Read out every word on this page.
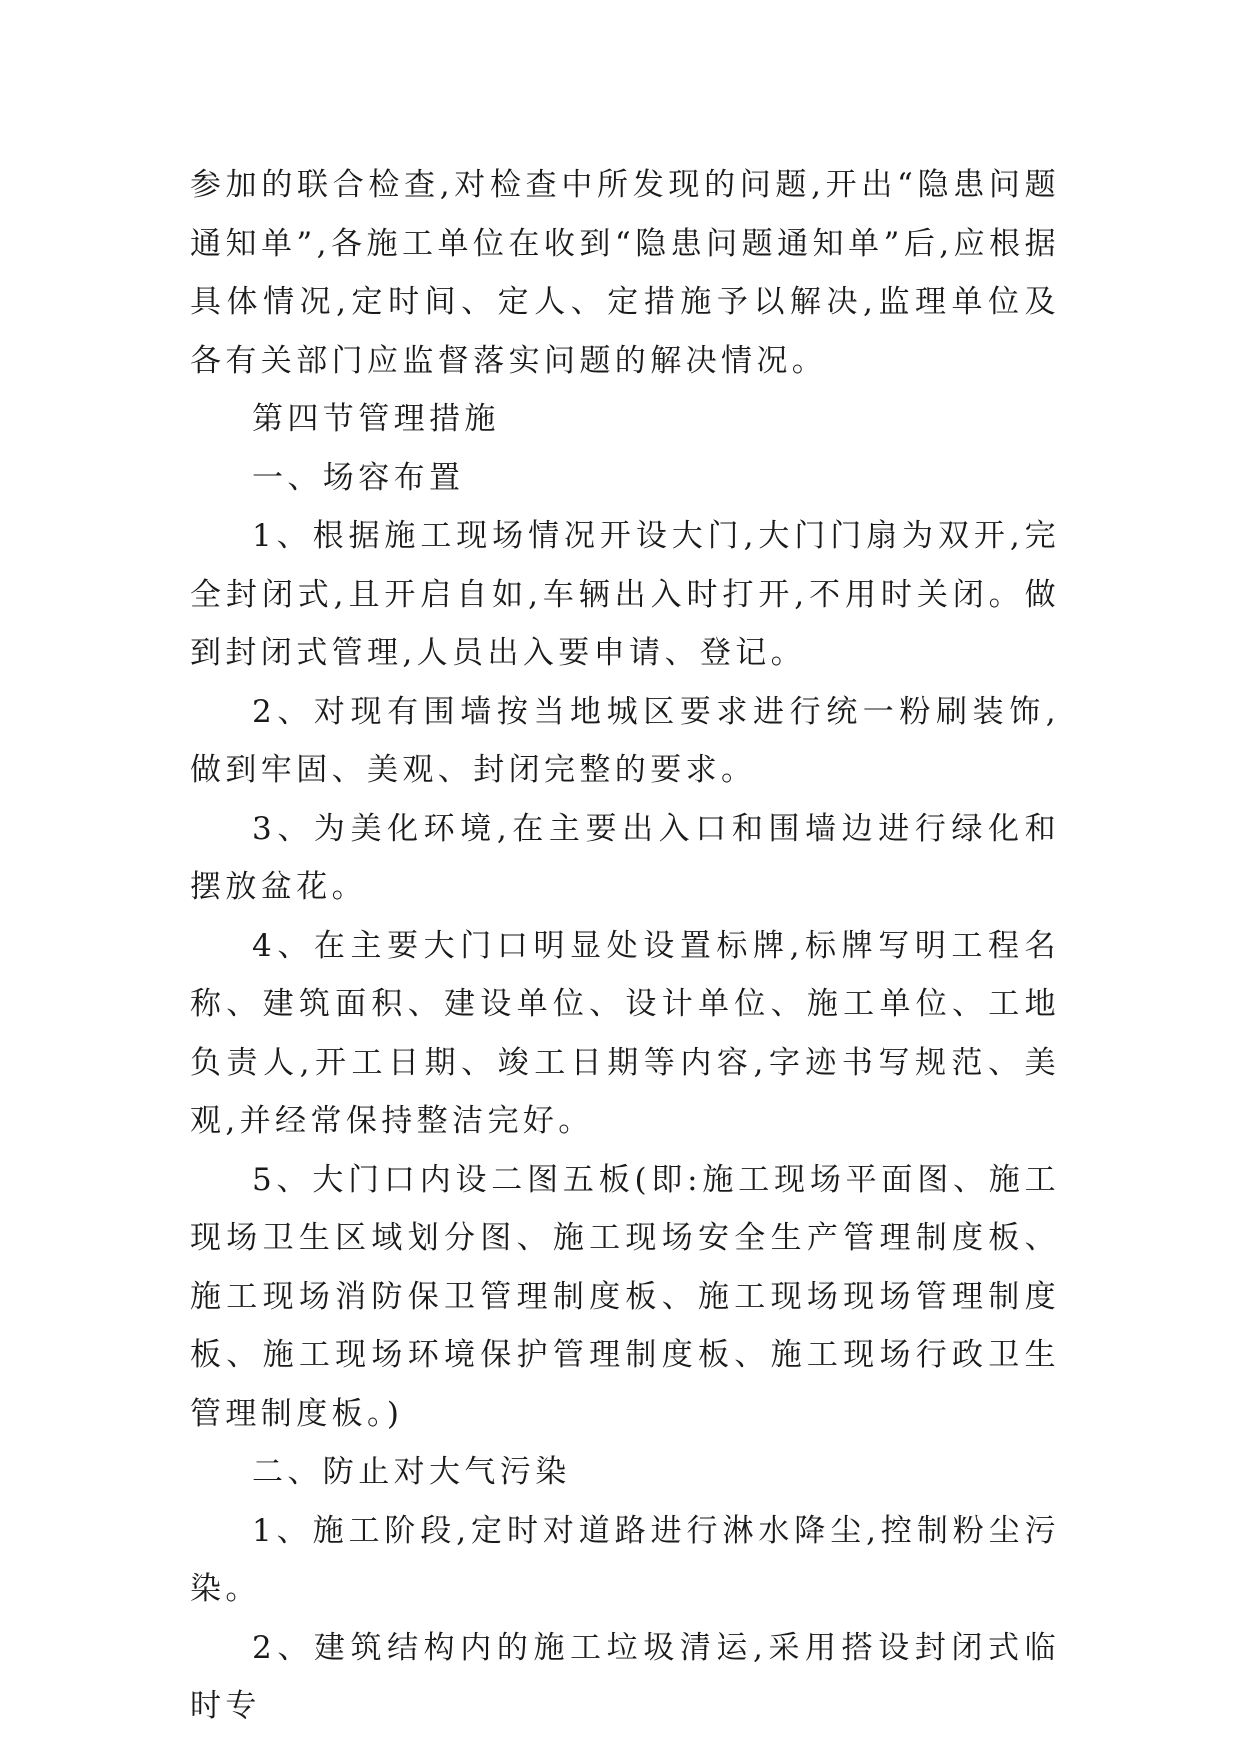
参加的联合检查,对检查中所发现的问题,开出“隐患问题通知单”,各施工单位在收到“隐患问题通知单”后,应根据具体情况,定时间、定人、定措施予以解决,监理单位及各有关部门应监督落实问题的解决情况。

第四节管理措施

一、场容布置

1、根据施工现场情况开设大门,大门门扇为双开,完全封闭式,且开启自如,车辆出入时打开,不用时关闭。做到封闭式管理,人员出入要申请、登记。

2、对现有围墙按当地城区要求进行统一粉刷装饰,做到牢固、美观、封闭完整的要求。

3、为美化环境,在主要出入口和围墙边进行绿化和摆放盆花。

4、在主要大门口明显处设置标牌,标牌写明工程名称、建筑面积、建设单位、设计单位、施工单位、工地负责人,开工日期、竣工日期等内容,字迹书写规范、美观,并经常保持整洁完好。

5、大门口内设二图五板(即:施工现场平面图、施工现场卫生区域划分图、施工现场安全生产管理制度板、施工现场消防保卫管理制度板、施工现场现场管理制度板、施工现场环境保护管理制度板、施工现场行政卫生管理制度板。)

二、防止对大气污染

1、施工阶段,定时对道路进行淋水降尘,控制粉尘污染。

2、建筑结构内的施工垃圾清运,采用搭设封闭式临时专
